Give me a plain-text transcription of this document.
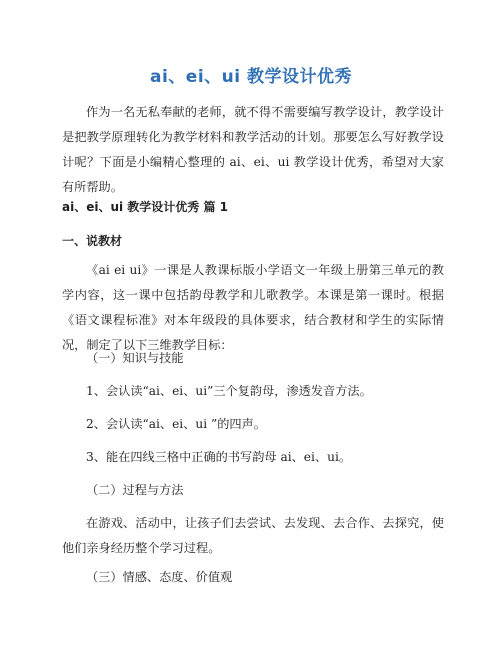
ai、ei、ui 教学设计优秀

作为一名无私奉献的老师，就不得不需要编写教学设计，教学设计是把教学原理转化为教学材料和教学活动的计划。那要怎么写好教学设计呢？下面是小编精心整理的 ai、ei、ui 教学设计优秀，希望对大家有所帮助。

ai、ei、ui 教学设计优秀 篇 1

一、说教材

《ai ei ui》一课是人教课标版小学语文一年级上册第三单元的教学内容，这一课中包括韵母教学和儿歌教学。本课是第一课时。根据《语文课程标准》对本年级段的具体要求，结合教材和学生的实际情况，制定了以下三维教学目标：

（一）知识与技能

1、会认读“ai、ei、ui”三个复韵母，渗透发音方法。

2、会认读“ai、ei、ui ”的四声。

3、能在四线三格中正确的书写韵母 ai、ei、ui。

（二）过程与方法

在游戏、活动中，让孩子们去尝试、去发现、去合作、去探究，使他们亲身经历整个学习过程。

（三）情感、态度、价值观
